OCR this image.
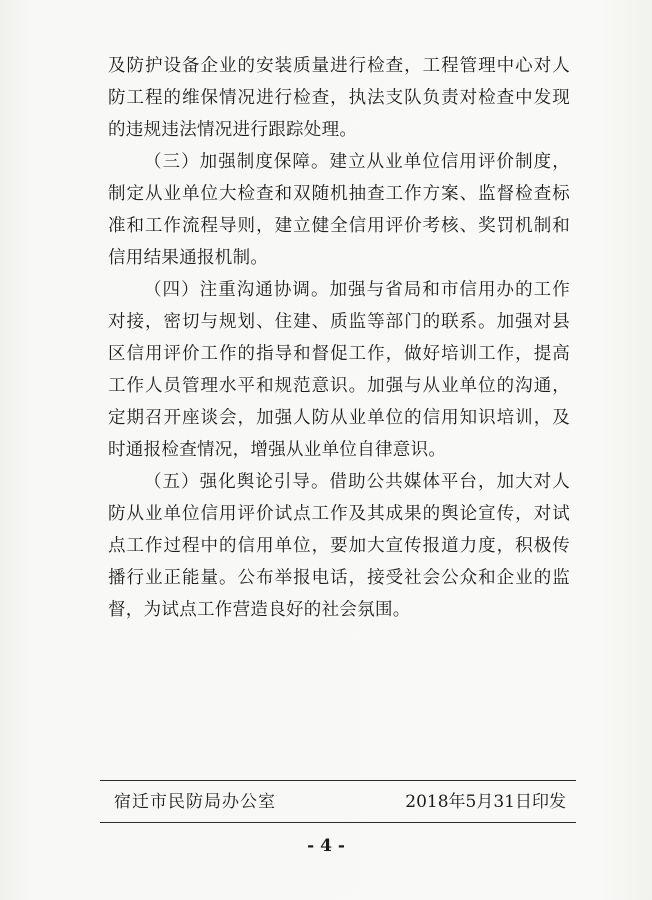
及防护设备企业的安装质量进行检查，工程管理中心对人防工程的维保情况进行检查，执法支队负责对检查中发现的违规违法情况进行跟踪处理。

（三）加强制度保障。建立从业单位信用评价制度，制定从业单位大检查和双随机抽查工作方案、监督检查标准和工作流程导则，建立健全信用评价考核、奖罚机制和信用结果通报机制。

（四）注重沟通协调。加强与省局和市信用办的工作对接，密切与规划、住建、质监等部门的联系。加强对县区信用评价工作的指导和督促工作，做好培训工作，提高工作人员管理水平和规范意识。加强与从业单位的沟通，定期召开座谈会，加强人防从业单位的信用知识培训，及时通报检查情况，增强从业单位自律意识。

（五）强化舆论引导。借助公共媒体平台，加大对人防从业单位信用评价试点工作及其成果的舆论宣传，对试点工作过程中的信用单位，要加大宣传报道力度，积极传播行业正能量。公布举报电话，接受社会公众和企业的监督，为试点工作营造良好的社会氛围。

宿迁市民防局办公室	2018年5月31日印发
- 4 -
